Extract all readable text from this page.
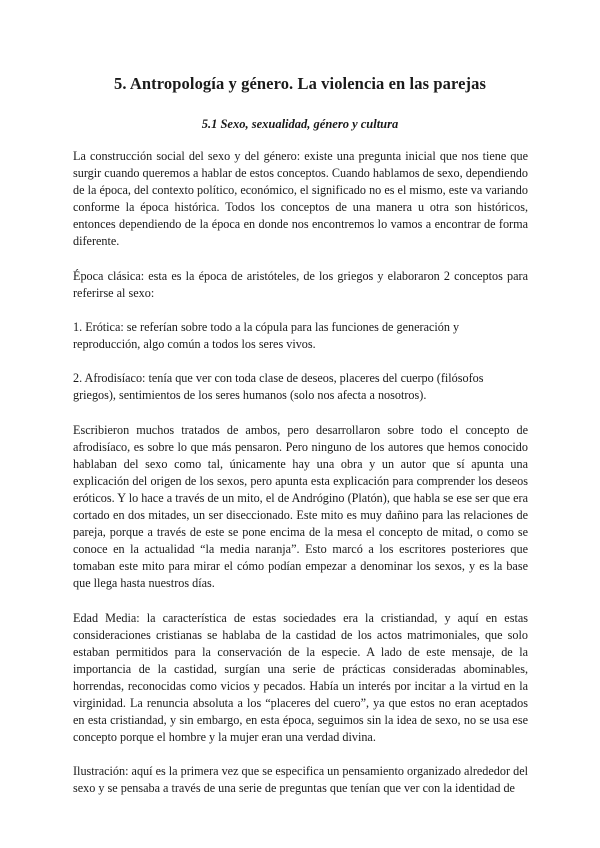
5. Antropología y género. La violencia en las parejas
5.1 Sexo, sexualidad, género y cultura

La construcción social del sexo y del género: existe una pregunta inicial que nos tiene que surgir cuando queremos a hablar de estos conceptos. Cuando hablamos de sexo, dependiendo de la época, del contexto político, económico, el significado no es el mismo, este va variando conforme la época histórica. Todos los conceptos de una manera u otra son históricos, entonces dependiendo de la época en donde nos encontremos lo vamos a encontrar de forma diferente.

Época clásica: esta es la época de aristóteles, de los griegos y elaboraron 2 conceptos para referirse al sexo:

1. Erótica: se referían sobre todo a la cópula para las funciones de generación y reproducción, algo común a todos los seres vivos.

2. Afrodisíaco: tenía que ver con toda clase de deseos, placeres del cuerpo (filósofos griegos), sentimientos de los seres humanos (solo nos afecta a nosotros).

Escribieron muchos tratados de ambos, pero desarrollaron sobre todo el concepto de afrodisíaco, es sobre lo que más pensaron. Pero ninguno de los autores que hemos conocido hablaban del sexo como tal, únicamente hay una obra y un autor que sí apunta una explicación del origen de los sexos, pero apunta esta explicación para comprender los deseos eróticos. Y lo hace a través de un mito, el de Andrógino (Platón), que habla se ese ser que era cortado en dos mitades, un ser diseccionado. Este mito es muy dañino para las relaciones de pareja, porque a través de este se pone encima de la mesa el concepto de mitad, o como se conoce en la actualidad “la media naranja”. Esto marcó a los escritores posteriores que tomaban este mito para mirar el cómo podían empezar a denominar los sexos, y es la base que llega hasta nuestros días.

Edad Media: la característica de estas sociedades era la cristiandad, y aquí en estas consideraciones cristianas se hablaba de la castidad de los actos matrimoniales, que solo estaban permitidos para la conservación de la especie. A lado de este mensaje, de la importancia de la castidad, surgían una serie de prácticas consideradas abominables, horrendas, reconocidas como vicios y pecados. Había un interés por incitar a la virtud en la virginidad. La renuncia absoluta a los “placeres del cuero”, ya que estos no eran aceptados en esta cristiandad, y sin embargo, en esta época, seguimos sin la idea de sexo, no se usa ese concepto porque el hombre y la mujer eran una verdad divina.

Ilustración: aquí es la primera vez que se especifica un pensamiento organizado alrededor del sexo y se pensaba a través de una serie de preguntas que tenían que ver con la identidad de
